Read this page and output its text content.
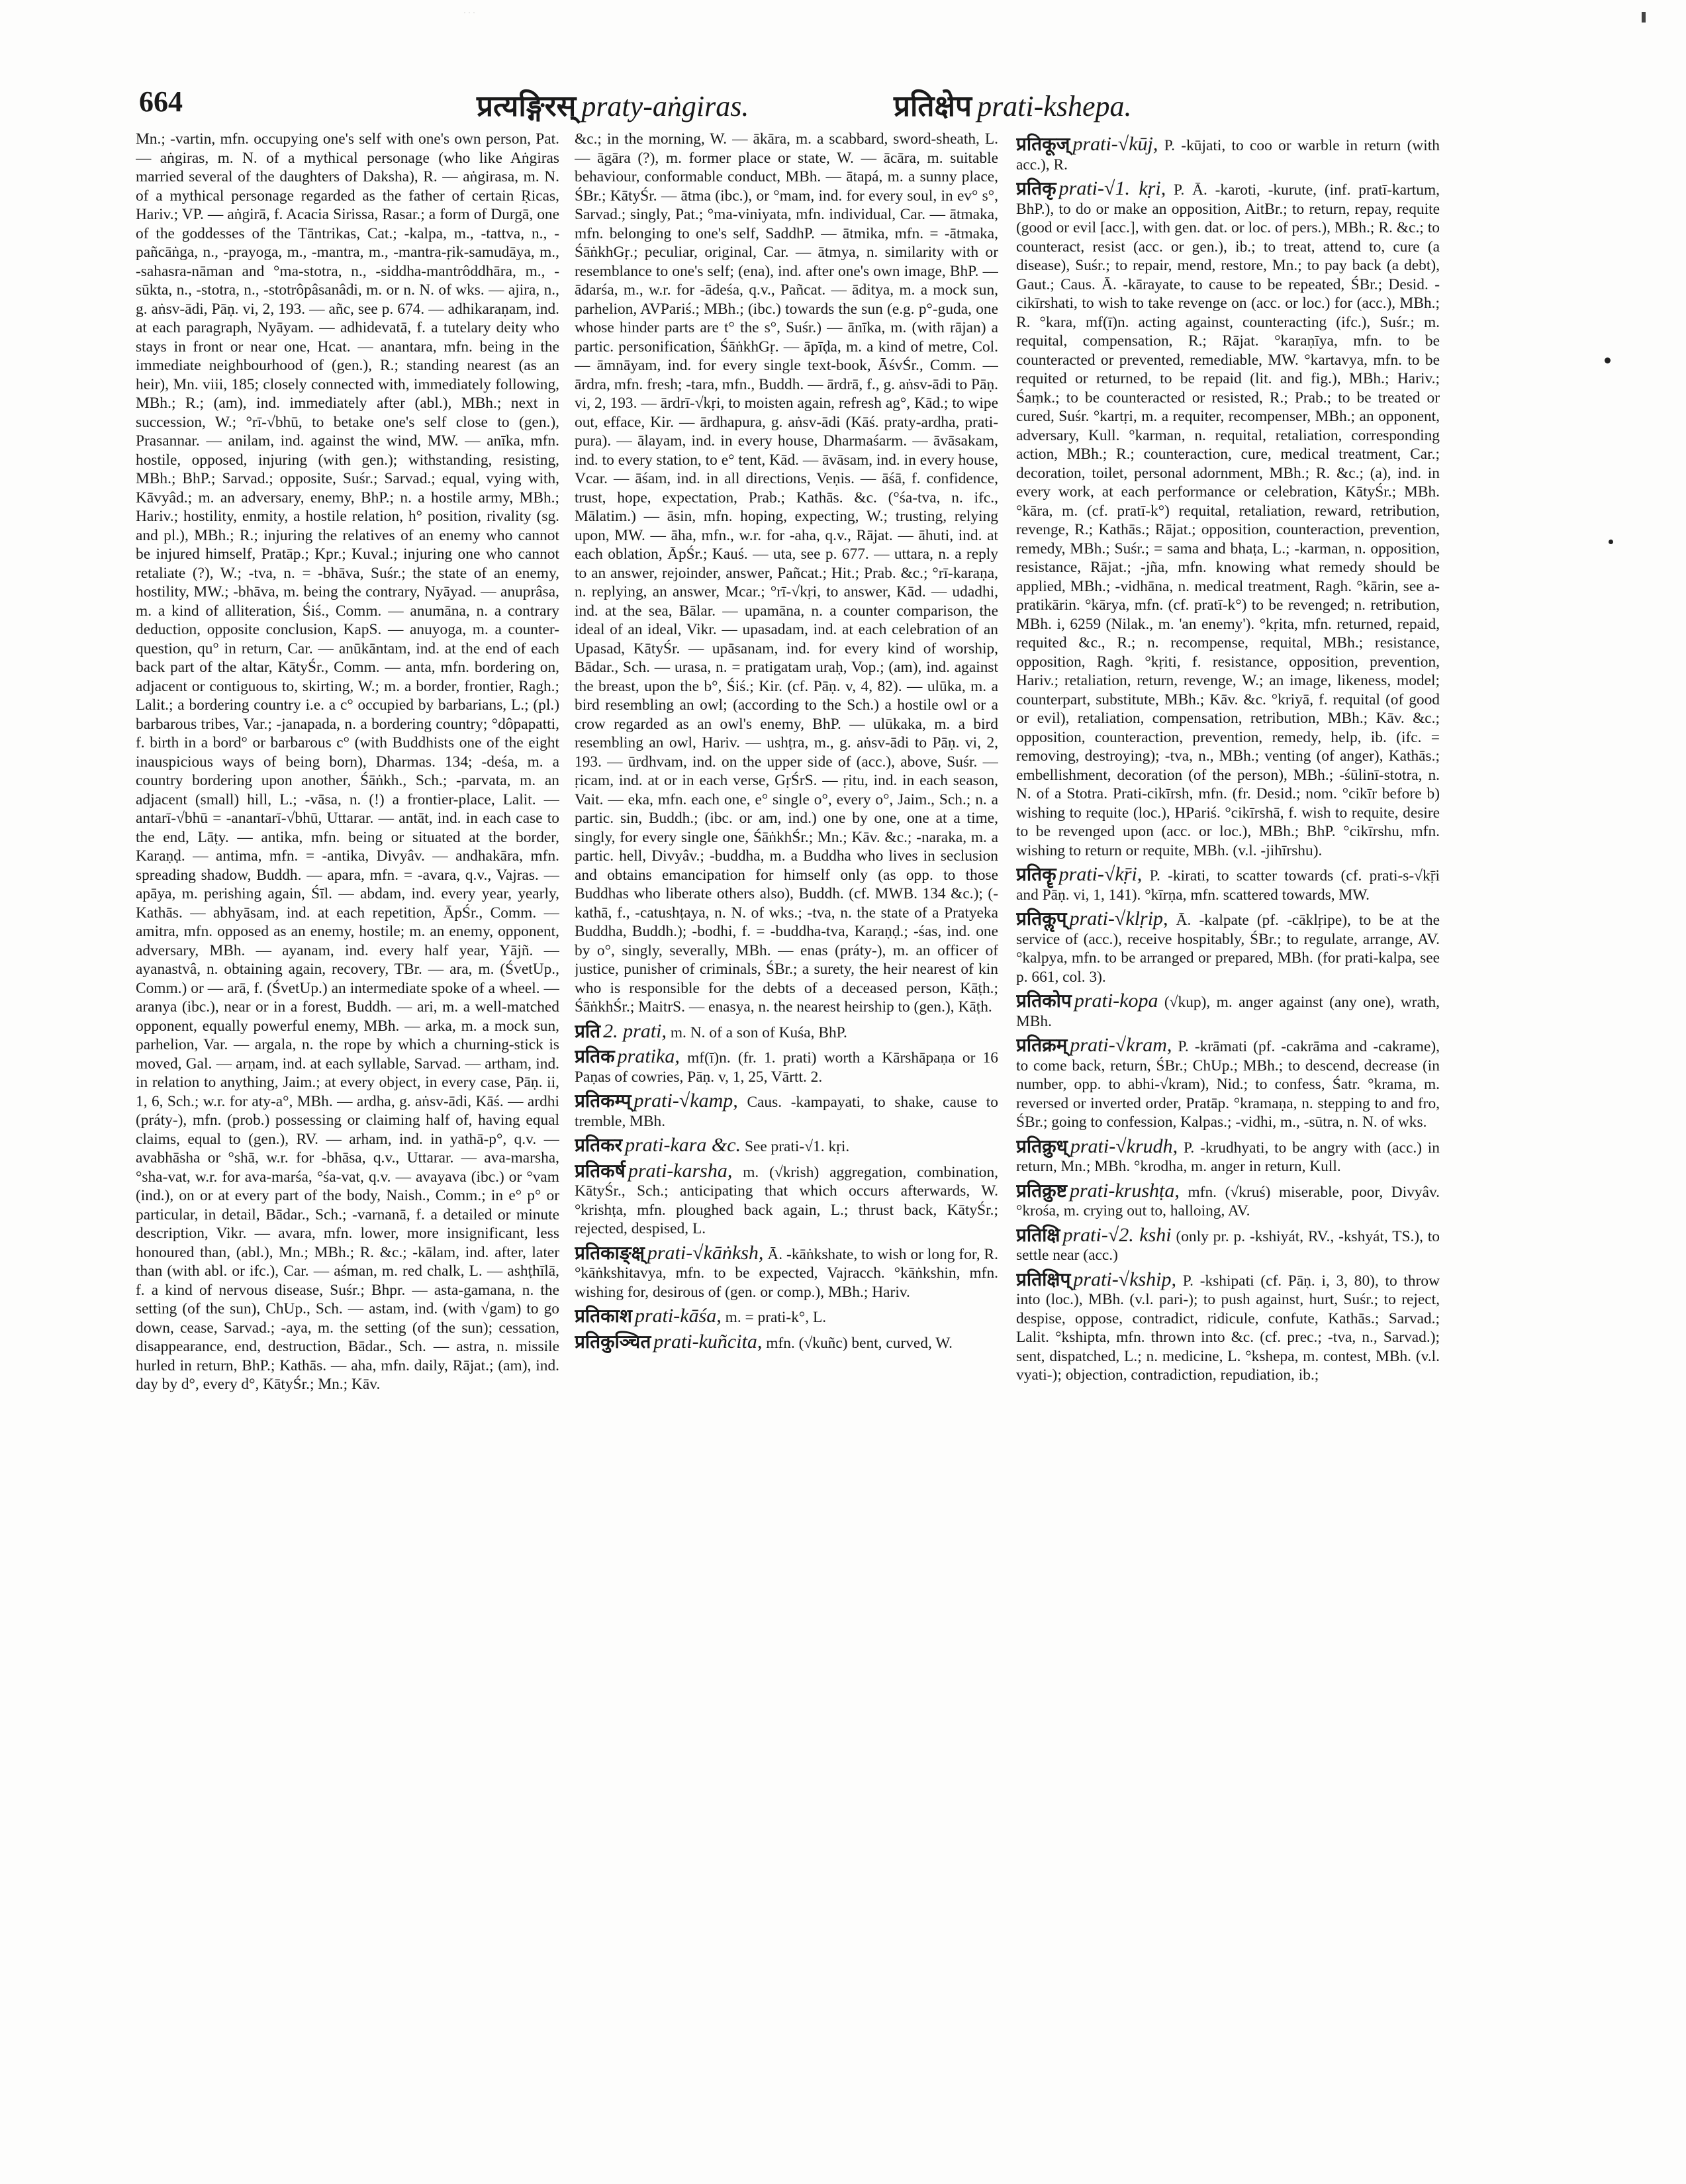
· · ·
664	प्रत्यङ्गिरस् praty-aṅgiras.	प्रतिक्षेप prati-kshepa.

Mn.; -vartin, mfn. occupying one's self with one's own person, Pat. — aṅgiras, m. N. of a mythical personage (who like Aṅgiras married several of the daughters of Daksha), R. — aṅgirasa, m. N. of a mythical personage regarded as the father of certain Ṛicas, Hariv.; VP. — aṅgirā, f. Acacia Sirissa, Rasar.; a form of Durgā, one of the goddesses of the Tāntrikas, Cat.; -kalpa, m., -tattva, n., -pañcāṅga, n., -prayoga, m., -mantra, m., -mantra-ṛik-samudāya, m., -sahasra-nāman and °ma-stotra, n., -siddha-mantrôddhāra, m., -sūkta, n., -stotra, n., -stotrôpâsanâdi, m. or n. N. of wks. — ajira, n., g. aṅsv-ādi, Pāṇ. vi, 2, 193. — añc, see p. 674. — adhikaraṇam, ind. at each paragraph, Nyāyam. — adhidevatā, f. a tutelary deity who stays in front or near one, Hcat. — anantara, mfn. being in the immediate neighbourhood of (gen.), R.; standing nearest (as an heir), Mn. viii, 185; closely connected with, immediately following, MBh.; R.; (am), ind. immediately after (abl.), MBh.; next in succession, W.; °rī-√bhū, to betake one's self close to (gen.), Prasannar. — anilam, ind. against the wind, MW. — anīka, mfn. hostile, opposed, injuring (with gen.); withstanding, resisting, MBh.; BhP.; Sarvad.; opposite, Suśr.; Sarvad.; equal, vying with, Kāvyâd.; m. an adversary, enemy, BhP.; n. a hostile army, MBh.; Hariv.; hostility, enmity, a hostile relation, h° position, rivality (sg. and pl.), MBh.; R.; injuring the relatives of an enemy who cannot be injured himself, Pratāp.; Kpr.; Kuval.; injuring one who cannot retaliate (?), W.; -tva, n. = -bhāva, Suśr.; the state of an enemy, hostility, MW.; -bhāva, m. being the contrary, Nyāyad. — anuprâsa, m. a kind of alliteration, Śiś., Comm. — anumāna, n. a contrary deduction, opposite conclusion, KapS. — anuyoga, m. a counter-question, qu° in return, Car. — anūkāntam, ind. at the end of each back part of the altar, KātyŚr., Comm. — anta, mfn. bordering on, adjacent or contiguous to, skirting, W.; m. a border, frontier, Ragh.; Lalit.; a bordering country i.e. a c° occupied by barbarians, L.; (pl.) barbarous tribes, Var.; -janapada, n. a bordering country; °dôpapatti, f. birth in a bord° or barbarous c° (with Buddhists one of the eight inauspicious ways of being born), Dharmas. 134; -deśa, m. a country bordering upon another, Śāṅkh., Sch.; -parvata, m. an adjacent (small) hill, L.; -vāsa, n. (!) a frontier-place, Lalit. — antarī-√bhū = -anantarī-√bhū, Uttarar. — antāt, ind. in each case to the end, Lāṭy. — antika, mfn. being or situated at the border, Karaṇḍ. — antima, mfn. = -antika, Divyâv. — andhakāra, mfn. spreading shadow, Buddh. — apara, mfn. = -avara, q.v., Vajras. — apāya, m. perishing again, Śīl. — abdam, ind. every year, yearly, Kathās. — abhyāsam, ind. at each repetition, ĀpŚr., Comm. — amitra, mfn. opposed as an enemy, hostile; m. an enemy, opponent, adversary, MBh. — ayanam, ind. every half year, Yājñ. — ayanastvâ, n. obtaining again, recovery, TBr. — ara, m. (ŚvetUp., Comm.) or — arā, f. (ŚvetUp.) an intermediate spoke of a wheel. — aranya (ibc.), near or in a forest, Buddh. — ari, m. a well-matched opponent, equally powerful enemy, MBh. — arka, m. a mock sun, parhelion, Var. — argala, n. the rope by which a churning-stick is moved, Gal. — arṇam, ind. at each syllable, Sarvad. — artham, ind. in relation to anything, Jaim.; at every object, in every case, Pāṇ. ii, 1, 6, Sch.; w.r. for aty-a°, MBh. — ardha, g. aṅsv-ādi, Kāś. — ardhi (práty-), mfn. (prob.) possessing or claiming half of, having equal claims, equal to (gen.), RV. — arham, ind. in yathā-p°, q.v. — avabhāsha or °shā, w.r. for -bhāsa, q.v., Uttarar. — ava-marsha, °sha-vat, w.r. for ava-marśa, °śa-vat, q.v. — avayava (ibc.) or °vam (ind.), on or at every part of the body, Naish., Comm.; in e° p° or particular, in detail, Bādar., Sch.; -varnanā, f. a detailed or minute description, Vikr. — avara, mfn. lower, more insignificant, less honoured than, (abl.), Mn.; MBh.; R. &c.; -kālam, ind. after, later than (with abl. or ifc.), Car. — aśman, m. red chalk, L. — ashṭhīlā, f. a kind of nervous disease, Suśr.; Bhpr. — asta-gamana, n. the setting (of the sun), ChUp., Sch. — astam, ind. (with √gam) to go down, cease, Sarvad.; -aya, m. the setting (of the sun); cessation, disappearance, end, destruction, Bādar., Sch. — astra, n. missile hurled in return, BhP.; Kathās. — aha, mfn. daily, Rājat.; (am), ind. day by d°, every d°, KātyŚr.; Mn.; Kāv.

&c.; in the morning, W. — ākāra, m. a scabbard, sword-sheath, L. — āgāra (?), m. former place or state, W. — ācāra, m. suitable behaviour, conformable conduct, MBh. — ātapá, m. a sunny place, ŚBr.; KātyŚr. — ātma (ibc.), or °mam, ind. for every soul, in ev° s°, Sarvad.; singly, Pat.; °ma-viniyata, mfn. individual, Car. — ātmaka, mfn. belonging to one's self, SaddhP. — ātmika, mfn. = -ātmaka, ŚāṅkhGṛ.; peculiar, original, Car. — ātmya, n. similarity with or resemblance to one's self; (ena), ind. after one's own image, BhP. — ādarśa, m., w.r. for -ādeśa, q.v., Pañcat. — āditya, m. a mock sun, parhelion, AVPariś.; MBh.; (ibc.) towards the sun (e.g. p°-guda, one whose hinder parts are t° the s°, Suśr.) — ānīka, m. (with rājan) a partic. personification, ŚāṅkhGṛ. — āpīḍa, m. a kind of metre, Col. — āmnāyam, ind. for every single text-book, ĀśvŚr., Comm. — ārdra, mfn. fresh; -tara, mfn., Buddh. — ārdrā, f., g. aṅsv-ādi to Pāṇ. vi, 2, 193. — ārdrī-√kṛi, to moisten again, refresh ag°, Kād.; to wipe out, efface, Kir. — ārdhapura, g. aṅsv-ādi (Kāś. praty-ardha, prati-pura). — ālayam, ind. in every house, Dharmaśarm. — āvāsakam, ind. to every station, to e° tent, Kād. — āvāsam, ind. in every house, Vcar. — āśam, ind. in all directions, Veṇis. — āśā, f. confidence, trust, hope, expectation, Prab.; Kathās. &c. (°śa-tva, n. ifc., Mālatim.) — āsin, mfn. hoping, expecting, W.; trusting, relying upon, MW. — āha, mfn., w.r. for -aha, q.v., Rājat. — āhuti, ind. at each oblation, ĀpŚr.; Kauś. — uta, see p. 677. — uttara, n. a reply to an answer, rejoinder, answer, Pañcat.; Hit.; Prab. &c.; °rī-karaṇa, n. replying, an answer, Mcar.; °rī-√kṛi, to answer, Kād. — udadhi, ind. at the sea, Bālar. — upamāna, n. a counter comparison, the ideal of an ideal, Vikr. — upasadam, ind. at each celebration of an Upasad, KātyŚr. — upāsanam, ind. for every kind of worship, Bādar., Sch. — urasa, n. = pratigatam uraḥ, Vop.; (am), ind. against the breast, upon the b°, Śiś.; Kir. (cf. Pāṇ. v, 4, 82). — ulūka, m. a bird resembling an owl; (according to the Sch.) a hostile owl or a crow regarded as an owl's enemy, BhP. — ulūkaka, m. a bird resembling an owl, Hariv. — ushṭra, m., g. aṅsv-ādi to Pāṇ. vi, 2, 193. — ūrdhvam, ind. on the upper side of (acc.), above, Suśr. — ṛicam, ind. at or in each verse, GṛŚrS. — ṛitu, ind. in each season, Vait. — eka, mfn. each one, e° single o°, every o°, Jaim., Sch.; n. a partic. sin, Buddh.; (ibc. or am, ind.) one by one, one at a time, singly, for every single one, ŚāṅkhŚr.; Mn.; Kāv. &c.; -naraka, m. a partic. hell, Divyâv.; -buddha, m. a Buddha who lives in seclusion and obtains emancipation for himself only (as opp. to those Buddhas who liberate others also), Buddh. (cf. MWB. 134 &c.); (-kathā, f., -catushṭaya, n. N. of wks.; -tva, n. the state of a Pratyeka Buddha, Buddh.); -bodhi, f. = -buddha-tva, Karaṇḍ.; -śas, ind. one by o°, singly, severally, MBh. — enas (práty-), m. an officer of justice, punisher of criminals, ŚBr.; a surety, the heir nearest of kin who is responsible for the debts of a deceased person, Kāṭh.; ŚāṅkhŚr.; MaitrS. — enasya, n. the nearest heirship to (gen.), Kāṭh.

प्रति 2. prati, m. N. of a son of Kuśa, BhP.

प्रतिक pratika, mf(ī)n. (fr. 1. prati) worth a Kārshāpaṇa or 16 Paṇas of cowries, Pāṇ. v, 1, 25, Vārtt. 2.

प्रतिकम्प् prati-√kamp, Caus. -kampayati, to shake, cause to tremble, MBh.

प्रतिकर prati-kara &c. See prati-√1. kṛi.

प्रतिकर्ष prati-karsha, m. (√krish) aggregation, combination, KātyŚr., Sch.; anticipating that which occurs afterwards, W. °krishṭa, mfn. ploughed back again, L.; thrust back, KātyŚr.; rejected, despised, L.

प्रतिकाङ्क्ष् prati-√kāṅksh, Ā. -kāṅkshate, to wish or long for, R. °kāṅkshitavya, mfn. to be expected, Vajracch. °kāṅkshin, mfn. wishing for, desirous of (gen. or comp.), MBh.; Hariv.

प्रतिकाश prati-kāśa, m. = prati-k°, L.

प्रतिकुञ्चित prati-kuñcita, mfn. (√kuñc) bent, curved, W.

प्रतिकूज् prati-√kūj, P. -kūjati, to coo or warble in return (with acc.), R.

प्रतिकृ prati-√1. kṛi, P. Ā. -karoti, -kurute, (inf. pratī-kartum, BhP.), to do or make an opposition, AitBr.; to return, repay, requite (good or evil [acc.], with gen. dat. or loc. of pers.), MBh.; R. &c.; to counteract, resist (acc. or gen.), ib.; to treat, attend to, cure (a disease), Suśr.; to repair, mend, restore, Mn.; to pay back (a debt), Gaut.; Caus. Ā. -kārayate, to cause to be repeated, ŚBr.; Desid. -cikīrshati, to wish to take revenge on (acc. or loc.) for (acc.), MBh.; R. °kara, mf(ī)n. acting against, counteracting (ifc.), Suśr.; m. requital, compensation, R.; Rājat. °karaṇīya, mfn. to be counteracted or prevented, remediable, MW. °kartavya, mfn. to be requited or returned, to be repaid (lit. and fig.), MBh.; Hariv.; Śaṃk.; to be counteracted or resisted, R.; Prab.; to be treated or cured, Suśr. °kartṛi, m. a requiter, recompenser, MBh.; an opponent, adversary, Kull. °karman, n. requital, retaliation, corresponding action, MBh.; R.; counteraction, cure, medical treatment, Car.; decoration, toilet, personal adornment, MBh.; R. &c.; (a), ind. in every work, at each performance or celebration, KātyŚr.; MBh. °kāra, m. (cf. pratī-k°) requital, retaliation, reward, retribution, revenge, R.; Kathās.; Rājat.; opposition, counteraction, prevention, remedy, MBh.; Suśr.; = sama and bhaṭa, L.; -karman, n. opposition, resistance, Rājat.; -jña, mfn. knowing what remedy should be applied, MBh.; -vidhāna, n. medical treatment, Ragh. °kārin, see a-pratikārin. °kārya, mfn. (cf. pratī-k°) to be revenged; n. retribution, MBh. i, 6259 (Nilak., m. 'an enemy'). °kṛita, mfn. returned, repaid, requited &c., R.; n. recompense, requital, MBh.; resistance, opposition, Ragh. °kṛiti, f. resistance, opposition, prevention, Hariv.; retaliation, return, revenge, W.; an image, likeness, model; counterpart, substitute, MBh.; Kāv. &c. °kriyā, f. requital (of good or evil), retaliation, compensation, retribution, MBh.; Kāv. &c.; opposition, counteraction, prevention, remedy, help, ib. (ifc. = removing, destroying); -tva, n., MBh.; venting (of anger), Kathās.; embellishment, decoration (of the person), MBh.; -śūlinī-stotra, n. N. of a Stotra. Prati-cikīrsh, mfn. (fr. Desid.; nom. °cikīr before b) wishing to requite (loc.), HPariś. °cikīrshā, f. wish to requite, desire to be revenged upon (acc. or loc.), MBh.; BhP. °cikīrshu, mfn. wishing to return or requite, MBh. (v.l. -jihīrshu).

प्रतिकॄ prati-√kṝi, P. -kirati, to scatter towards (cf. prati-s-√kṝi and Pāṇ. vi, 1, 141). °kīrṇa, mfn. scattered towards, MW.

प्रतिकॢप् prati-√klṛip, Ā. -kalpate (pf. -cāklṛipe), to be at the service of (acc.), receive hospitably, ŚBr.; to regulate, arrange, AV. °kalpya, mfn. to be arranged or prepared, MBh. (for prati-kalpa, see p. 661, col. 3).

प्रतिकोप prati-kopa (√kup), m. anger against (any one), wrath, MBh.

प्रतिक्रम् prati-√kram, P. -krāmati (pf. -cakrāma and -cakrame), to come back, return, ŚBr.; ChUp.; MBh.; to descend, decrease (in number, opp. to abhi-√kram), Nid.; to confess, Śatr. °krama, m. reversed or inverted order, Pratāp. °kramaṇa, n. stepping to and fro, ŚBr.; going to confession, Kalpas.; -vidhi, m., -sūtra, n. N. of wks.

प्रतिक्रुध् prati-√krudh, P. -krudhyati, to be angry with (acc.) in return, Mn.; MBh. °krodha, m. anger in return, Kull.

प्रतिक्रुष्ट prati-krushṭa, mfn. (√kruś) miserable, poor, Divyâv. °krośa, m. crying out to, halloing, AV.

प्रतिक्षि prati-√2. kshi (only pr. p. -kshiyát, RV., -kshyát, TS.), to settle near (acc.)

प्रतिक्षिप् prati-√kship, P. -kshipati (cf. Pāṇ. i, 3, 80), to throw into (loc.), MBh. (v.l. pari-); to push against, hurt, Suśr.; to reject, despise, oppose, contradict, ridicule, confute, Kathās.; Sarvad.; Lalit. °kshipta, mfn. thrown into &c. (cf. prec.; -tva, n., Sarvad.); sent, dispatched, L.; n. medicine, L. °kshepa, m. contest, MBh. (v.l. vyati-); objection, contradiction, repudiation, ib.;
